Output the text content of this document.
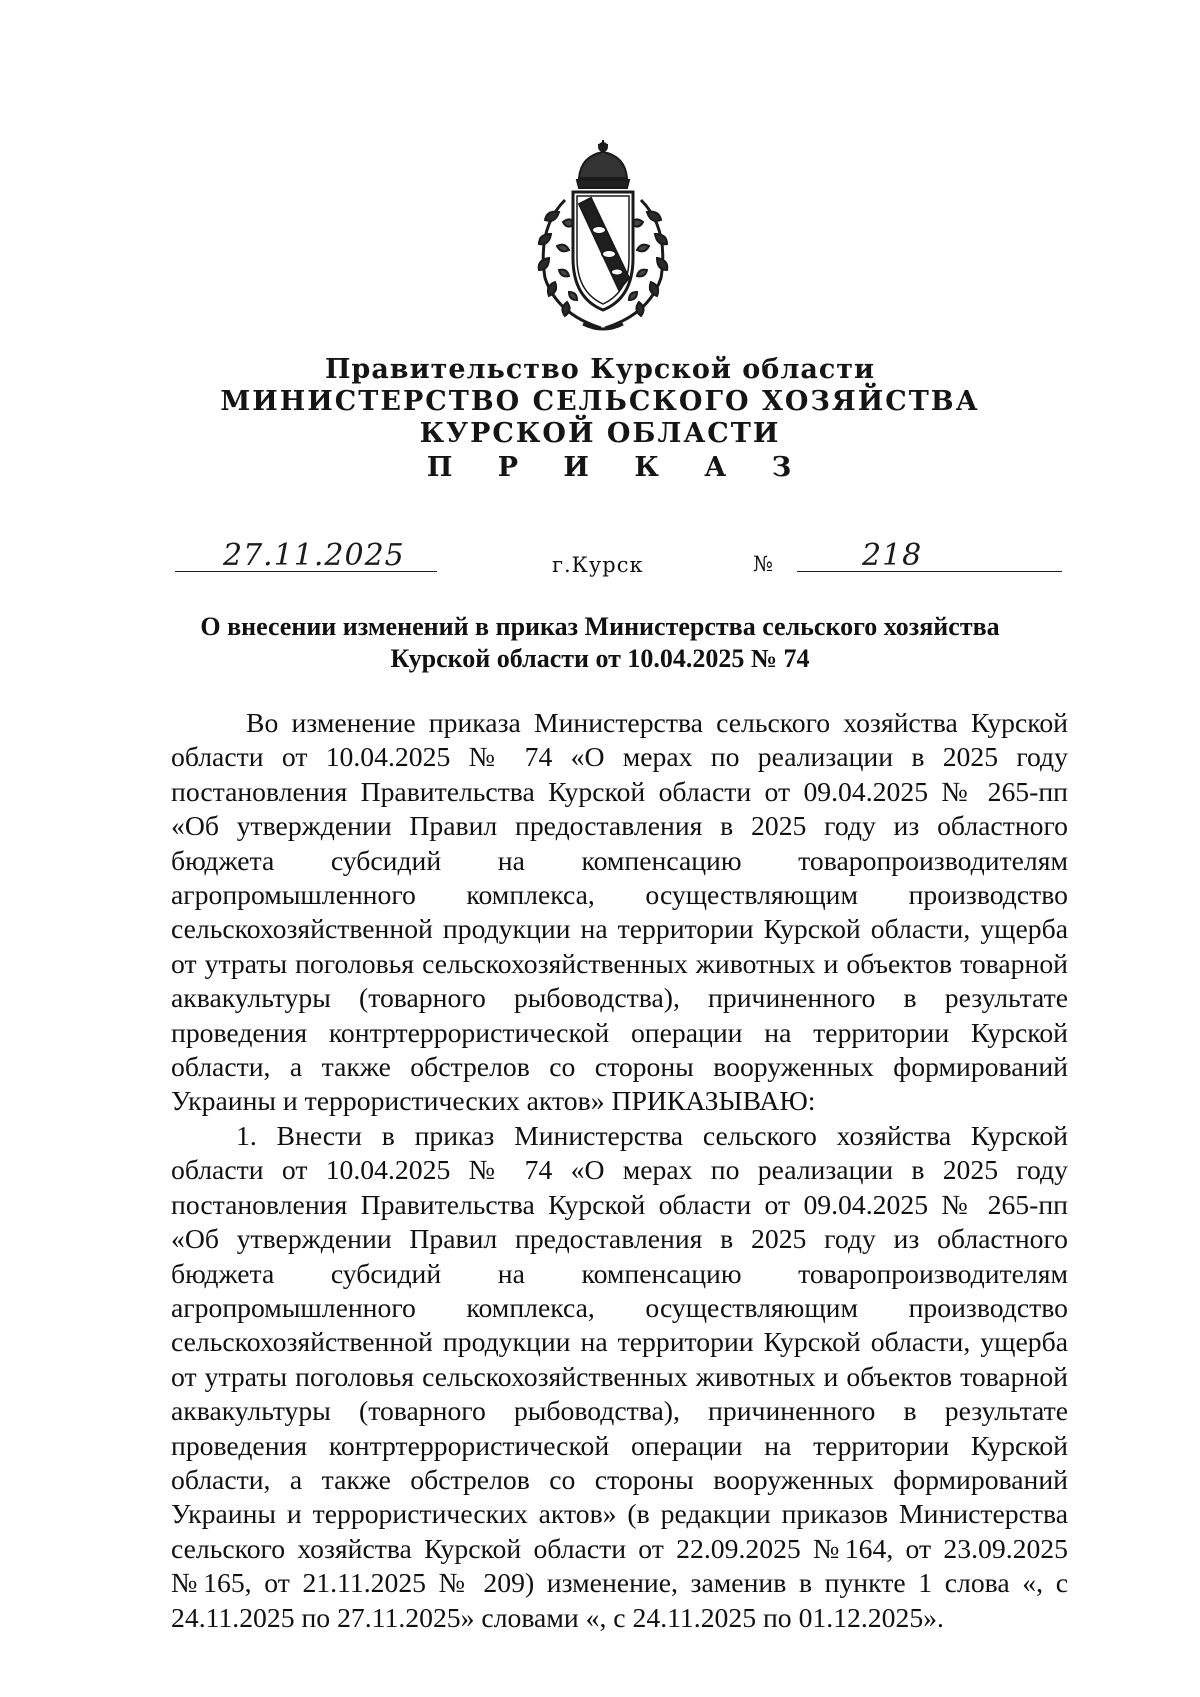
Правительство Курской области
МИНИСТЕРСТВО СЕЛЬСКОГО ХОЗЯЙСТВА
КУРСКОЙ ОБЛАСТИ
П Р И К А З
27.11.2025	г.Курск	№	218
О внесении изменений в приказ Министерства сельского хозяйства
Курской области от 10.04.2025 № 74

Во изменение приказа Министерства сельского хозяйства Курской области от 10.04.2025 № 74 «О мерах по реализации в 2025 году постановления Правительства Курской области от 09.04.2025 № 265-пп «Об утверждении Правил предоставления в 2025 году из областного бюджета субсидий на компенсацию товаропроизводителям агропромышленного комплекса, осуществляющим производство сельскохозяйственной продукции на территории Курской области, ущерба от утраты поголовья сельскохозяйственных животных и объектов товарной аквакультуры (товарного рыбоводства), причиненного в результате проведения контртеррористической операции на территории Курской области, а также обстрелов со стороны вооруженных формирований Украины и террористических актов» ПРИКАЗЫВАЮ:

1. Внести в приказ Министерства сельского хозяйства Курской области от 10.04.2025 № 74 «О мерах по реализации в 2025 году постановления Правительства Курской области от 09.04.2025 № 265-пп «Об утверждении Правил предоставления в 2025 году из областного бюджета субсидий на компенсацию товаропроизводителям агропромышленного комплекса, осуществляющим производство сельскохозяйственной продукции на территории Курской области, ущерба от утраты поголовья сельскохозяйственных животных и объектов товарной аквакультуры (товарного рыбоводства), причиненного в результате проведения контртеррористической операции на территории Курской области, а также обстрелов со стороны вооруженных формирований Украины и террористических актов» (в редакции приказов Министерства сельского хозяйства Курской области от 22.09.2025 №164, от 23.09.2025 №165, от 21.11.2025 № 209) изменение, заменив в пункте 1 слова «, с 24.11.2025 по 27.11.2025» словами «, с 24.11.2025 по 01.12.2025».
